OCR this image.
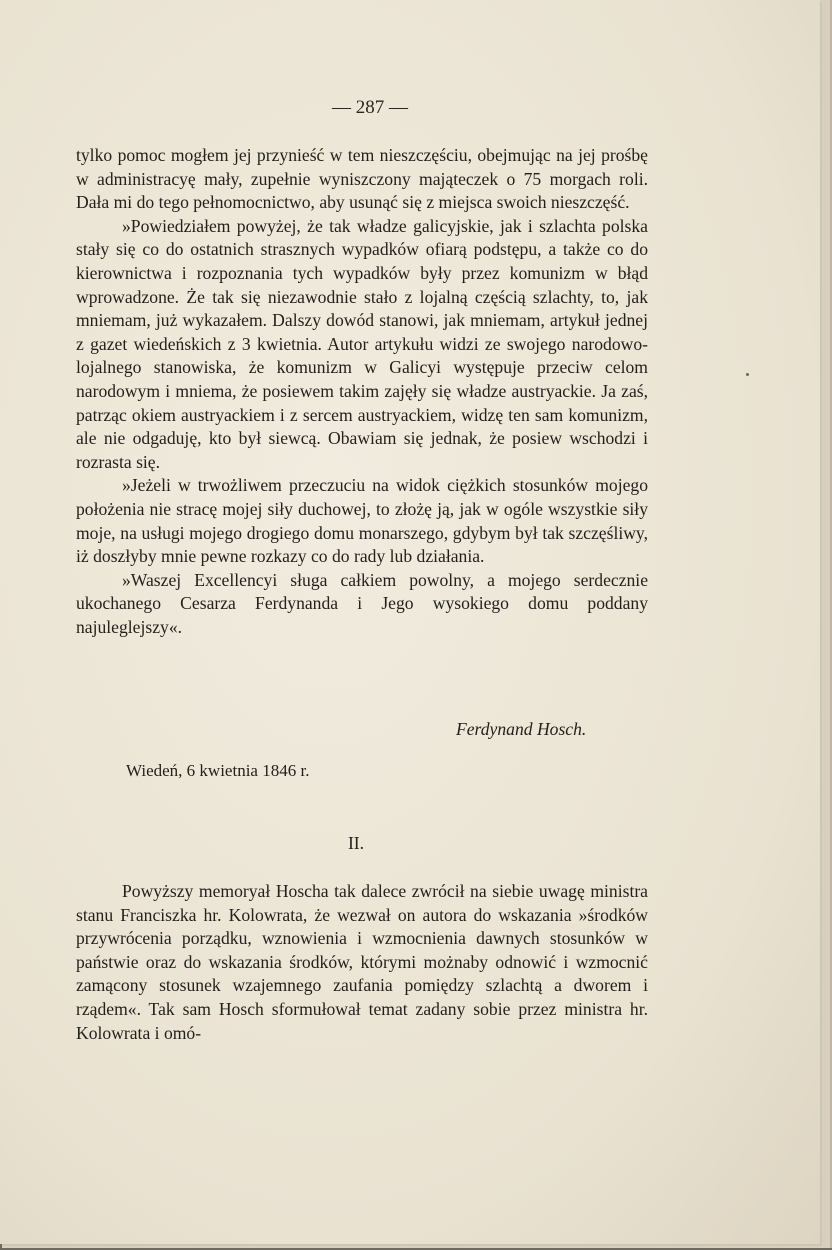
— 287 —

tylko pomoc mogłem jej przynieść w tem nieszczęściu, obejmując na jej prośbę w administracyę mały, zupełnie wyniszczony mająteczek o 75 morgach roli. Dała mi do tego pełnomocnictwo, aby usunąć się z miejsca swoich nieszczęść.

»Powiedziałem powyżej, że tak władze galicyjskie, jak i szlachta polska stały się co do ostatnich strasznych wypadków ofiarą podstępu, a także co do kierownictwa i rozpoznania tych wypadków były przez komunizm w błąd wprowadzone. Że tak się niezawodnie stało z lojalną częścią szlachty, to, jak mniemam, już wykazałem. Dalszy dowód stanowi, jak mniemam, artykuł jednej z gazet wiedeńskich z 3 kwietnia. Autor artykułu widzi ze swojego narodowo-lojalnego stanowiska, że komunizm w Galicyi występuje przeciw celom narodowym i mniema, że posiewem takim zajęły się władze austryackie. Ja zaś, patrząc okiem austryackiem i z sercem austryackiem, widzę ten sam komunizm, ale nie odgaduję, kto był siewcą. Obawiam się jednak, że posiew wschodzi i rozrasta się.

»Jeżeli w trwożliwem przeczuciu na widok ciężkich stosunków mojego położenia nie stracę mojej siły duchowej, to złożę ją, jak w ogóle wszystkie siły moje, na usługi mojego drogiego domu monarszego, gdybym był tak szczęśliwy, iż doszłyby mnie pewne rozkazy co do rady lub działania.

»Waszej Excellencyi sługa całkiem powolny, a mojego serdecznie ukochanego Cesarza Ferdynanda i Jego wysokiego domu poddany najuleglejszy«.

Ferdynand Hosch.
Wiedeń, 6 kwietnia 1846 r.
II.

Powyższy memoryał Hoscha tak dalece zwrócił na siebie uwagę ministra stanu Franciszka hr. Kolowrata, że wezwał on autora do wskazania »środków przywrócenia porządku, wznowienia i wzmocnienia dawnych stosunków w państwie oraz do wskazania środków, którymi możnaby odnowić i wzmocnić zamącony stosunek wzajemnego zaufania pomiędzy szlachtą a dworem i rządem«. Tak sam Hosch sformułował temat zadany sobie przez ministra hr. Kolowrata i omó-
